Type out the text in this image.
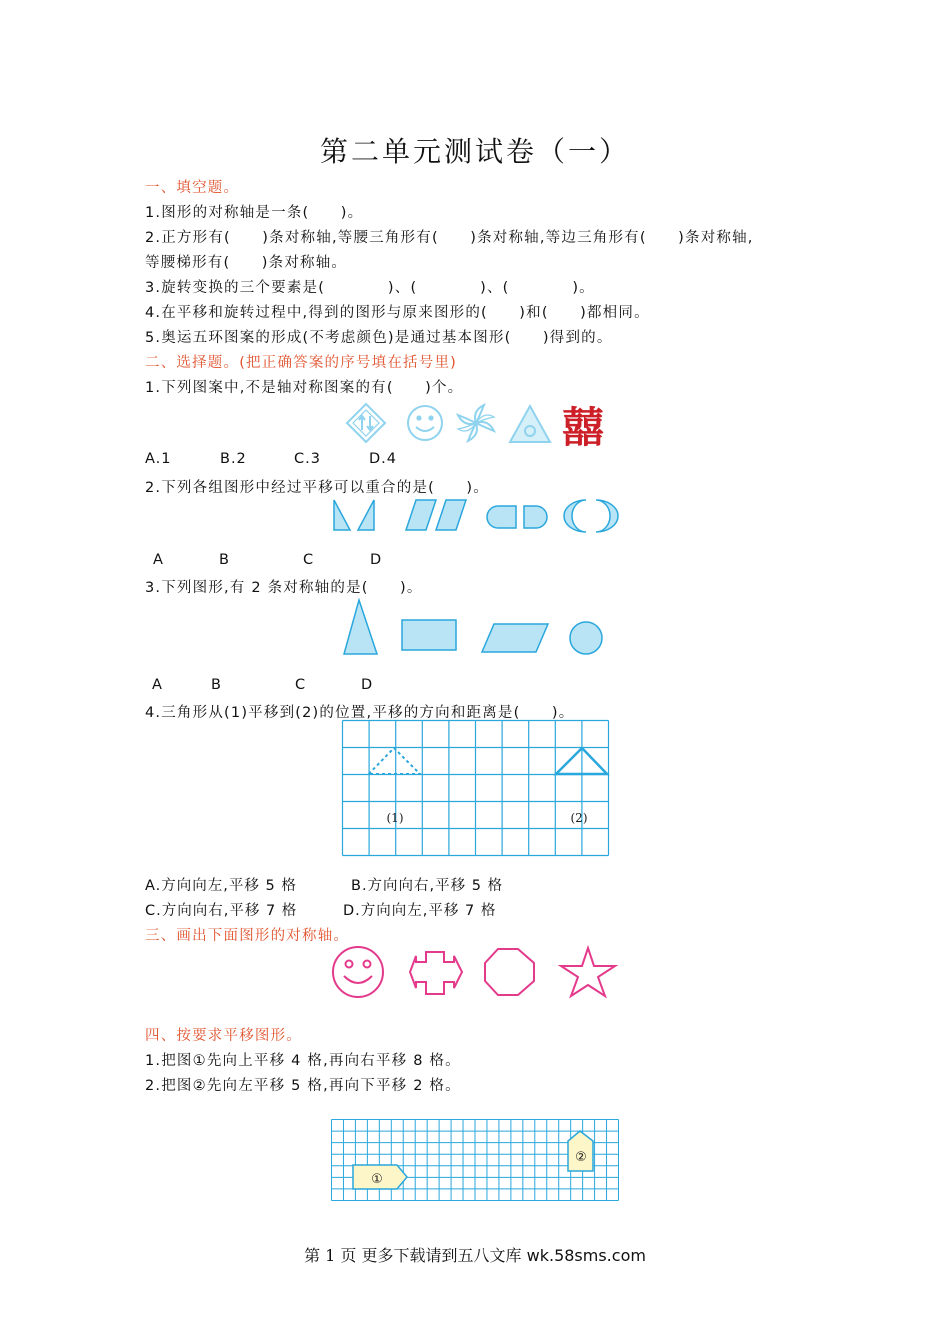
第二单元测试卷（一）
一、填空题。
1.图形的对称轴是一条(　　)。
2.正方形有(　　)条对称轴,等腰三角形有(　　)条对称轴,等边三角形有(　　)条对称轴,
等腰梯形有(　　)条对称轴。
3.旋转变换的三个要素是(　　　　)、(　　　　)、(　　　　)。
4.在平移和旋转过程中,得到的图形与原来图形的(　　)和(　　)都相同。
5.奥运五环图案的形成(不考虑颜色)是通过基本图形(　　)得到的。
二、选择题。(把正确答案的序号填在括号里)
1.下列图案中,不是轴对称图案的有(　　)个。
囍
A.1	B.2	C.3	D.4
2.下列各组图形中经过平移可以重合的是(　　)。
A	B	C	D
3.下列图形,有 2 条对称轴的是(　　)。
A	B	C	D
4.三角形从(1)平移到(2)的位置,平移的方向和距离是(　　)。
(1)	(2)
A.方向向左,平移 5 格	B.方向向右,平移 5 格
C.方向向右,平移 7 格	D.方向向左,平移 7 格
三、画出下面图形的对称轴。
四、按要求平移图形。
1.把图①先向上平移 4 格,再向右平移 8 格。
2.把图②先向左平移 5 格,再向下平移 2 格。
①
②
第 1 页 更多下载请到五八文库 wk.58sms.com
